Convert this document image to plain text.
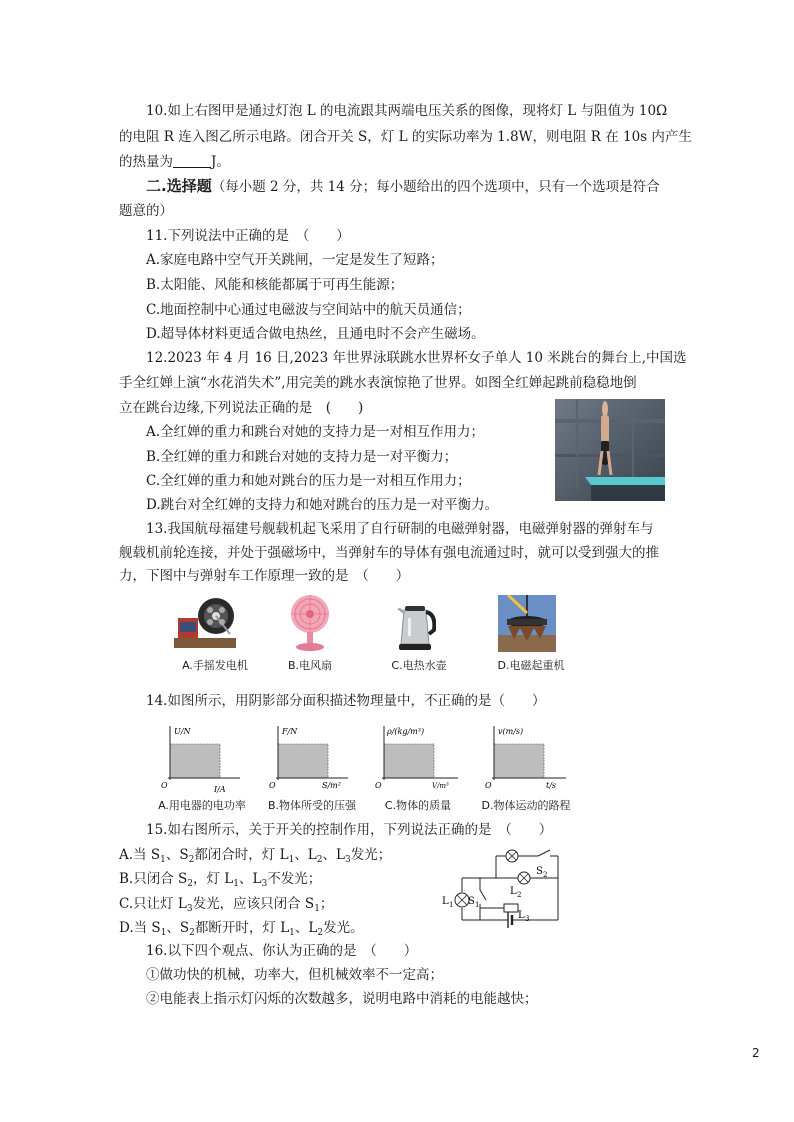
10.如上右图甲是通过灯泡 L 的电流跟其两端电压关系的图像，现将灯 L 与阻值为 10Ω
的电阻 R 连入图乙所示电路。闭合开关 S，灯 L 的实际功率为 1.8W，则电阻 R 在 10s 内产生
的热量为	J。
二.选择题（每小题 2 分，共 14 分；每小题给出的四个选项中，只有一个选项是符合
题意的）
11.下列说法中正确的是　（　　）
A.家庭电路中空气开关跳闸，一定是发生了短路；
B.太阳能、风能和核能都属于可再生能源；
C.地面控制中心通过电磁波与空间站中的航天员通信；
D.超导体材料更适合做电热丝，且通电时不会产生磁场。
12.2023 年 4 月 16 日,2023 年世界泳联跳水世界杯女子单人 10 米跳台的舞台上,中国选
手全红婵上演“水花消失术”,用完美的跳水表演惊艳了世界。如图全红婵起跳前稳稳地倒
立在跳台边缘,下列说法正确的是　(　　)
A.全红婵的重力和跳台对她的支持力是一对相互作用力；
B.全红婵的重力和跳台对她的支持力是一对平衡力；
C.全红婵的重力和她对跳台的压力是一对相互作用力；
D.跳台对全红婵的支持力和她对跳台的压力是一对平衡力。
13.我国航母福建号舰载机起飞采用了自行研制的电磁弹射器，电磁弹射器的弹射车与
舰载机前轮连接，并处于强磁场中，当弹射车的导体有强电流通过时，就可以受到强大的推
力，下图中与弹射车工作原理一致的是　（　　）
A.手摇发电机	B.电风扇	C.电热水壶	D.电磁起重机
14.如图所示，用阴影部分面积描述物理量中，不正确的是（　　）
U/N
I/A
O
F/N
S/m²
O
ρ/(kg/m³)
V/m³
O
v(m/s)
t/s
O
A.用电器的电功率 B.物体所受的压强	C.物体的质量	D.物体运动的路程
15.如右图所示，关于开关的控制作用，下列说法正确的是　（　　）
A.当 $S_1$、$S_2$都闭合时，灯 $L_1$、$L_2$、$L_3$发光；
B.只闭合 $S_2$，灯 $L_1$、$L_3$不发光；
C.只让灯 $L_3$发光，应该只闭合 $S_1$；
D.当 $S_1$、$S_2$都断开时，灯 $L_1$、$L_2$发光。
L 1
L 2
L 3
S 1
S 2
16.以下四个观点、你认为正确的是　（　　）
①做功快的机械，功率大，但机械效率不一定高；
②电能表上指示灯闪烁的次数越多，说明电路中消耗的电能越快；
2
